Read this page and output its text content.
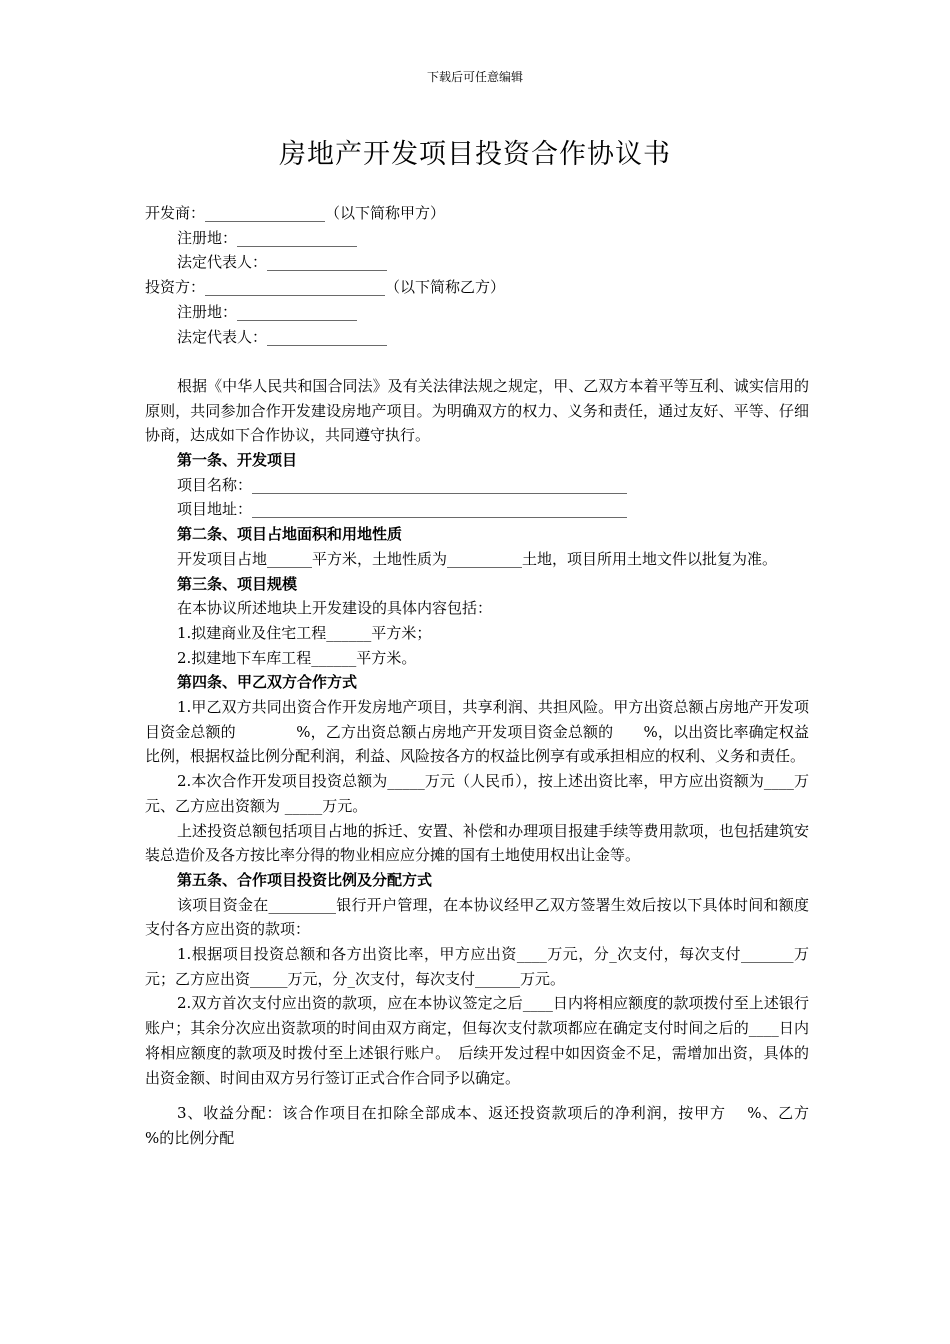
下载后可任意编辑
房地产开发项目投资合作协议书

开发商：________________（以下简称甲方）

注册地：________________

法定代表人：________________

投资方：________________________（以下简称乙方）

注册地：________________

法定代表人：________________

根据《中华人民共和国合同法》及有关法律法规之规定，甲、乙双方本着平等互利、诚实信用的原则，共同参加合作开发建设房地产项目。为明确双方的权力、义务和责任，通过友好、平等、仔细协商，达成如下合作协议，共同遵守执行。

第一条、开发项目

项目名称：__________________________________________________

项目地址：__________________________________________________

第二条、项目占地面积和用地性质

开发项目占地______平方米，土地性质为__________土地，项目所用土地文件以批复为准。

第三条、项目规模

在本协议所述地块上开发建设的具体内容包括：

1.拟建商业及住宅工程______平方米；

2.拟建地下车库工程______平方米。

第四条、甲乙双方合作方式

1.甲乙双方共同出资合作开发房地产项目，共享利润、共担风险。甲方出资总额占房地产开发项目资金总额的　　　　%，乙方出资总额占房地产开发项目资金总额的　　%，以出资比率确定权益比例，根据权益比例分配利润，利益、风险按各方的权益比例享有或承担相应的权利、义务和责任。

2.本次合作开发项目投资总额为_____万元（人民币），按上述出资比率，甲方应出资额为____万元、乙方应出资额为 _____万元。

上述投资总额包括项目占地的拆迁、安置、补偿和办理项目报建手续等费用款项，也包括建筑安装总造价及各方按比率分得的物业相应应分摊的国有土地使用权出让金等。

第五条、合作项目投资比例及分配方式

该项目资金在_________银行开户管理，在本协议经甲乙双方签署生效后按以下具体时间和额度支付各方应出资的款项：

1.根据项目投资总额和各方出资比率，甲方应出资____万元，分_次支付，每次支付_______万元；乙方应出资_____万元，分_次支付，每次支付______万元。

2.双方首次支付应出资的款项，应在本协议签定之后____日内将相应额度的款项拨付至上述银行账户；其余分次应出资款项的时间由双方商定，但每次支付款项都应在确定支付时间之后的____日内将相应额度的款项及时拨付至上述银行账户。　后续开发过程中如因资金不足，需增加出资，具体的出资金额、时间由双方另行签订正式合作合同予以确定。

3、收益分配：该合作项目在扣除全部成本、返还投资款项后的净利润，按甲方　 %、乙方　 %的比例分配
